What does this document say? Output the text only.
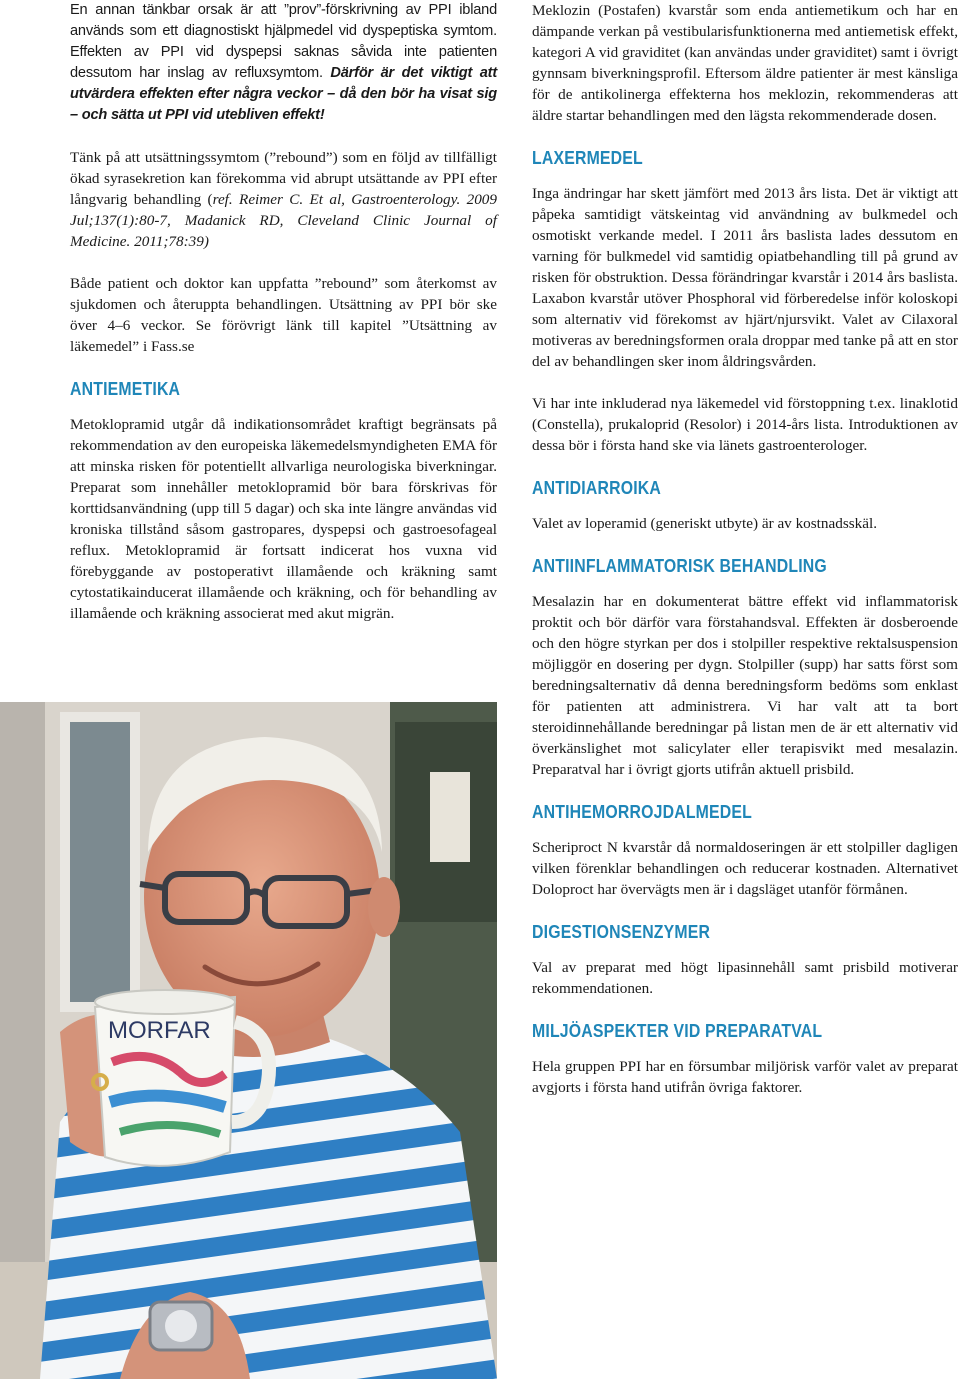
En annan tänkbar orsak är att ”prov”-förskrivning av PPI ibland används som ett diagnostiskt hjälpmedel vid dyspeptiska symtom. Effekten av PPI vid dyspepsi saknas såvida inte patienten dessutom har inslag av refluxsymtom. Därför är det viktigt att utvärdera effekten efter några veckor – då den bör ha visat sig – och sätta ut PPI vid utebliven effekt!

Tänk på att utsättningssymtom (”rebound”) som en följd av tillfälligt ökad syrasekretion kan förekomma vid abrupt utsättande av PPI efter långvarig behandling (ref. Reimer C. Et al, Gastroenterology. 2009 Jul;137(1):80-7, Madanick RD, Cleveland Clinic Journal of Medicine. 2011;78:39)

Både patient och doktor kan uppfatta ”rebound” som återkomst av sjukdomen och återuppta behandlingen. Utsättning av PPI bör ske över 4–6 veckor. Se förövrigt länk till kapitel ”Utsättning av läkemedel” i Fass.se

ANTIEMETIKA

Metoklopramid utgår då indikationsområdet kraftigt begränsats på rekommendation av den europeiska läkemedelsmyndigheten EMA för att minska risken för potentiellt allvarliga neurologiska biverkningar. Preparat som innehåller metoklopramid bör bara förskrivas för korttidsanvändning (upp till 5 dagar) och ska inte längre användas vid kroniska tillstånd såsom gastropares, dyspepsi och gastroesofageal reflux. Metoklopramid är fortsatt indicerat hos vuxna vid förebyggande av postoperativt illamående och kräkning samt cytostatikainducerat illamående och kräkning, och för behandling av illamående och kräkning associerat med akut migrän.

Meklozin (Postafen) kvarstår som enda antiemetikum och har en dämpande verkan på vestibularisfunktionerna med antiemetisk effekt, kategori A vid graviditet (kan användas under graviditet) samt i övrigt gynnsam biverkningsprofil. Eftersom äldre patienter är mest känsliga för de antikolinerga effekterna hos meklozin, rekommenderas att äldre startar behandlingen med den lägsta rekommenderade dosen.

LAXERMEDEL

Inga ändringar har skett jämfört med 2013 års lista. Det är viktigt att påpeka samtidigt vätskeintag vid användning av bulkmedel och osmotiskt verkande medel. I 2011 års baslista lades dessutom en varning för bulkmedel vid samtidig opiatbehandling till på grund av risken för obstruktion. Dessa förändringar kvarstår i 2014 års baslista. Laxabon kvarstår utöver Phosphoral vid förberedelse inför koloskopi som alternativ vid förekomst av hjärt/njursvikt. Valet av Cilaxoral motiveras av beredningsformen orala droppar med tanke på att en stor del av behandlingen sker inom åldringsvården.

Vi har inte inkluderad nya läkemedel vid förstoppning t.ex. linaklotid (Constella), prukaloprid (Resolor) i 2014-års lista. Introduktionen av dessa bör i första hand ske via länets gastroenterologer.

ANTIDIARROIKA

Valet av loperamid (generiskt utbyte) är av kostnadsskäl.

ANTIINFLAMMATORISK BEHANDLING

Mesalazin har en dokumenterat bättre effekt vid inflammatorisk proktit och bör därför vara förstahandsval. Effekten är dosberoende och den högre styrkan per dos i stolpiller respektive rektalsuspension möjliggör en dosering per dygn. Stolpiller (supp) har satts först som beredningsalternativ då denna beredningsform bedöms som enklast för patienten att administrera. Vi har valt att ta bort steroidinnehållande beredningar på listan men de är ett alternativ vid överkänslighet mot salicylater eller terapisvikt med mesalazin. Preparatval har i övrigt gjorts utifrån aktuell prisbild.

ANTIHEMORROJDALMEDEL

Scheriproct N kvarstår då normaldoseringen är ett stolpiller dagligen vilken förenklar behandlingen och reducerar kostnaden. Alternativet Doloproct har övervägts men är i dagsläget utanför förmånen.

DIGESTIONSENZYMER

Val av preparat med högt lipasinnehåll samt prisbild motiverar rekommendationen.

MILJÖASPEKTER VID PREPARATVAL

Hela gruppen PPI har en försumbar miljörisk varför valet av preparat avgjorts i första hand utifrån övriga faktorer.

MORFAR
